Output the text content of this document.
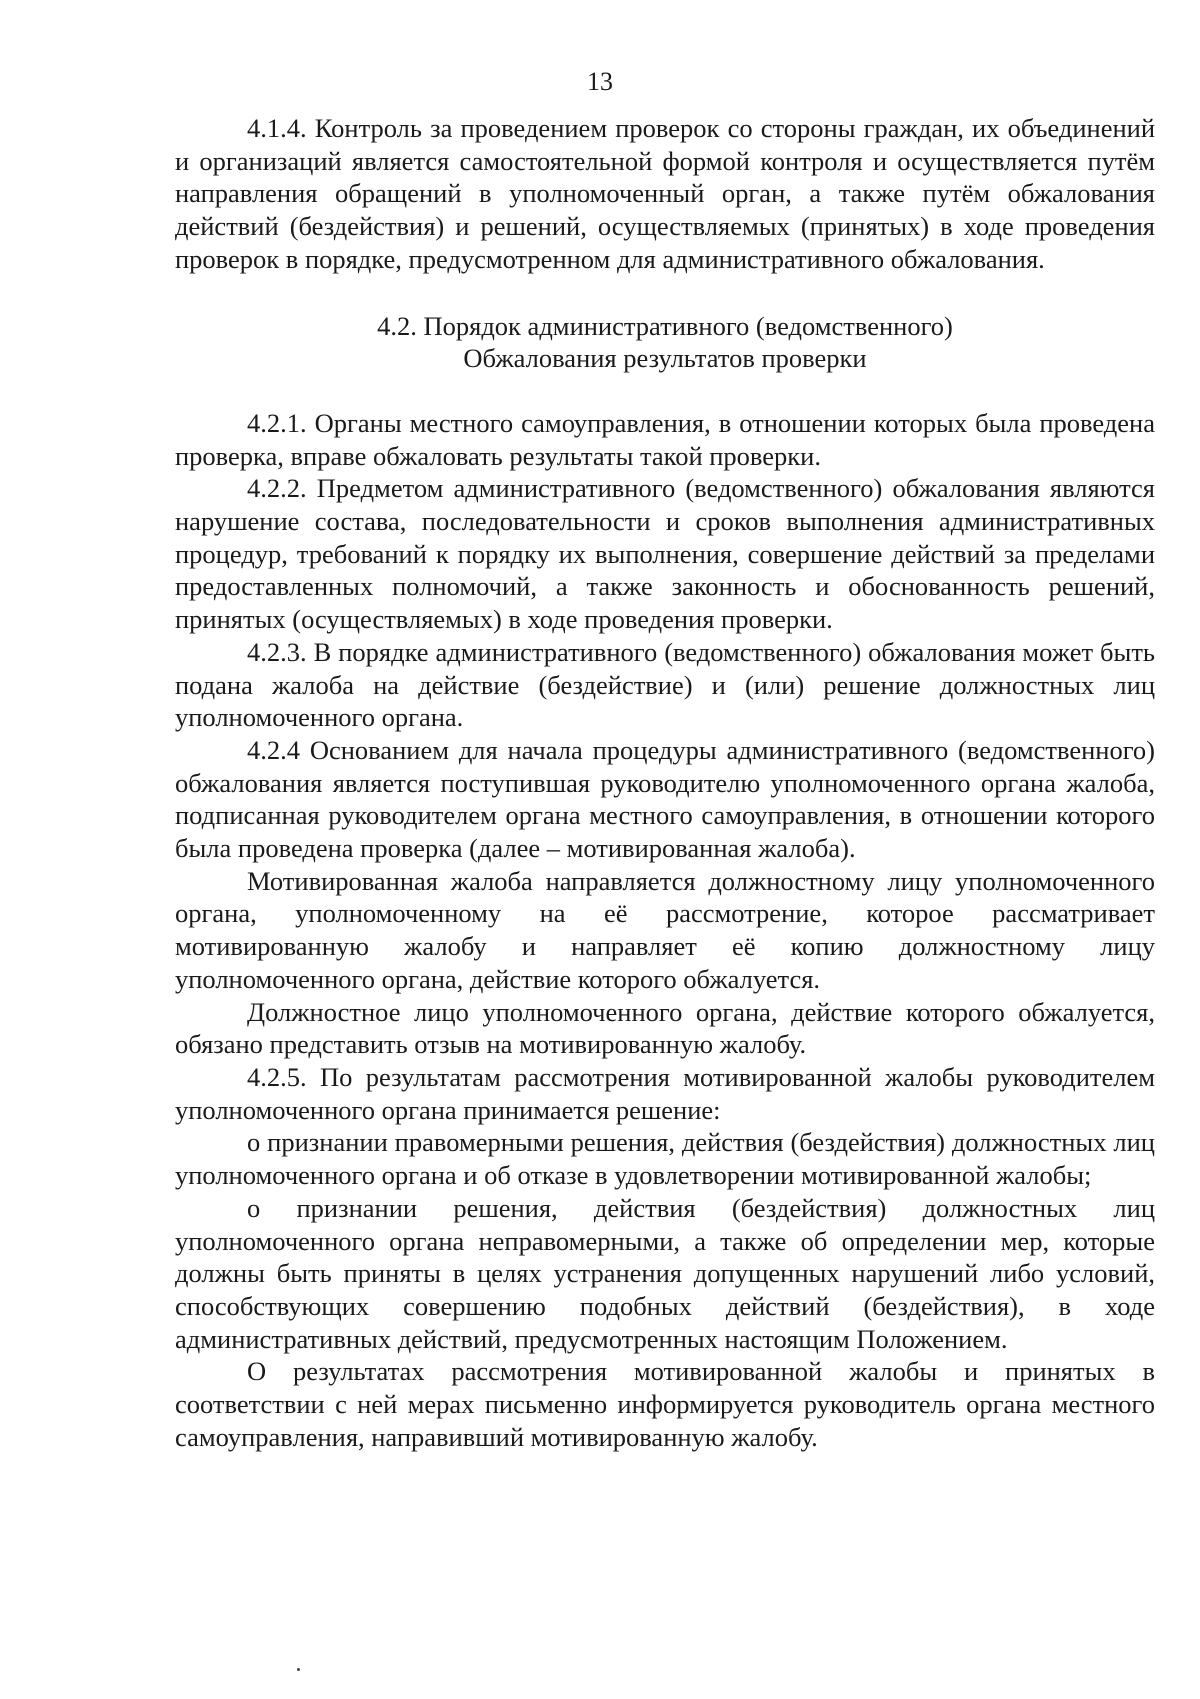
13

4.1.4. Контроль за проведением проверок со стороны граждан, их объединений и организаций является самостоятельной формой контроля и осуществляется путём направления обращений в уполномоченный орган, а также путём обжалования действий (бездействия) и решений, осуществляемых (принятых) в ходе проведения проверок в порядке, предусмотренном для административного обжалования.

4.2. Порядок административного (ведомственного)
Обжалования результатов проверки

4.2.1. Органы местного самоуправления, в отношении которых была проведена проверка, вправе обжаловать результаты такой проверки.

4.2.2. Предметом административного (ведомственного) обжалования являются нарушение состава, последовательности и сроков выполнения административных процедур, требований к порядку их выполнения, совершение действий за пределами предоставленных полномочий, а также законность и обоснованность решений, принятых (осуществляемых) в ходе проведения проверки.

4.2.3. В порядке административного (ведомственного) обжалования может быть подана жалоба на действие (бездействие) и (или) решение должностных лиц уполномоченного органа.

4.2.4 Основанием для начала процедуры административного (ведомственного) обжалования является поступившая руководителю уполномоченного органа жалоба, подписанная руководителем органа местного самоуправления, в отношении которого была проведена проверка (далее – мотивированная жалоба).

Мотивированная жалоба направляется должностному лицу уполномоченного органа, уполномоченному на её рассмотрение, которое рассматривает мотивированную жалобу и направляет её копию должностному лицу уполномоченного органа, действие которого обжалуется.

Должностное лицо уполномоченного органа, действие которого обжалуется, обязано представить отзыв на мотивированную жалобу.

4.2.5. По результатам рассмотрения мотивированной жалобы руководителем уполномоченного органа принимается решение:

о признании правомерными решения, действия (бездействия) должностных лиц уполномоченного органа и об отказе в удовлетворении мотивированной жалобы;

о признании решения, действия (бездействия) должностных лиц уполномоченного органа неправомерными, а также об определении мер, которые должны быть приняты в целях устранения допущенных нарушений либо условий, способствующих совершению подобных действий (бездействия), в ходе административных действий, предусмотренных настоящим Положением.

О результатах рассмотрения мотивированной жалобы и принятых в соответствии с ней мерах письменно информируется руководитель органа местного самоуправления, направивший мотивированную жалобу.
